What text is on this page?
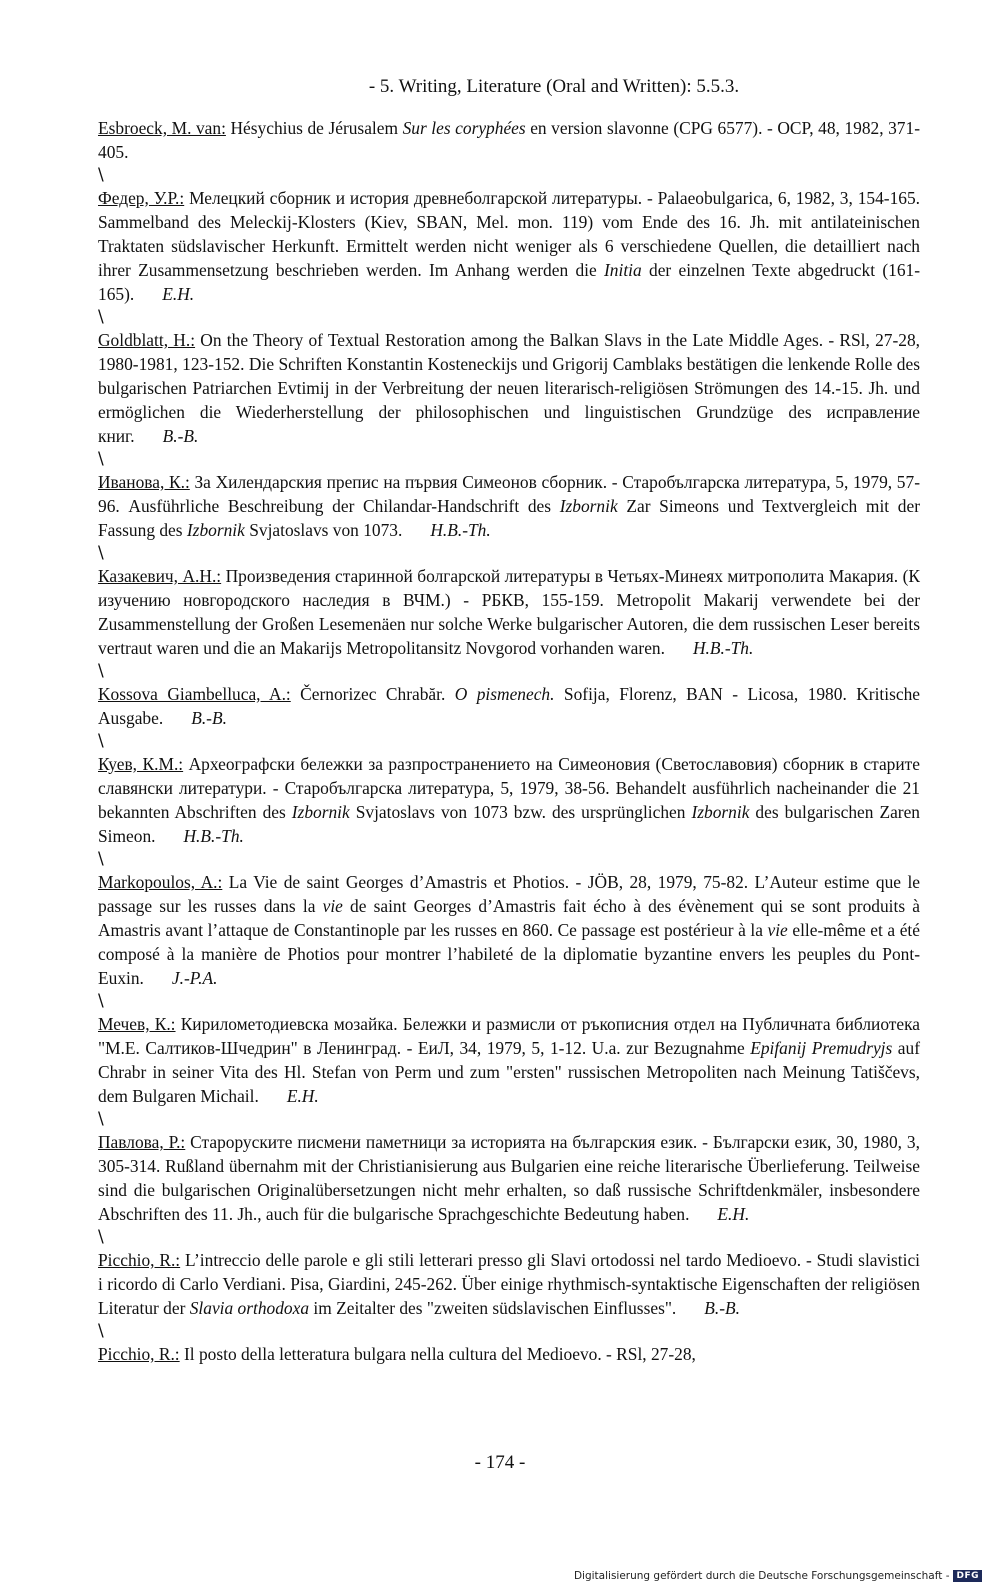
- 5. Writing, Literature (Oral and Written): 5.5.3.
Esbroeck, M. van: Hésychius de Jérusalem Sur les coryphées en version slavonne (CPG 6577). - OCP, 48, 1982, 371-405.
\
Федер, У.Р.: Мелецкий сборник и история древнеболгарской литературы. - Palaeobulgarica, 6, 1982, 3, 154-165. Sammelband des Meleckij-Klosters (Kiev, SBAN, Mel. mon. 119) vom Ende des 16. Jh. mit antilateinischen Traktaten südslavischer Herkunft. Ermittelt werden nicht weniger als 6 verschiedene Quellen, die detailliert nach ihrer Zusammensetzung beschrieben werden. Im Anhang werden die Initia der einzelnen Texte abgedruckt (161-165). E.H.
\
Goldblatt, H.: On the Theory of Textual Restoration among the Balkan Slavs in the Late Middle Ages. - RSl, 27-28, 1980-1981, 123-152. Die Schriften Konstantin Kosteneckijs und Grigorij Camblaks bestätigen die lenkende Rolle des bulgarischen Patriarchen Evtimij in der Verbreitung der neuen literarisch-religiösen Strömungen des 14.-15. Jh. und ermöglichen die Wiederherstellung der philosophischen und linguistischen Grundzüge des исправление книг. B.-B.
\
Иванова, К.: За Хилендарския препис на първия Симеонов сборник. - Старобългарска литература, 5, 1979, 57-96. Ausführliche Beschreibung der Chilandar-Handschrift des Izbornik Zar Simeons und Textvergleich mit der Fassung des Izbornik Svjatoslavs von 1073. H.B.-Th.
\
Казакевич, А.Н.: Произведения старинной болгарской литературы в Четьях-Минеях митрополита Макария. (К изучению новгородского наследия в ВЧМ.) - РБКВ, 155-159. Metropolit Makarij verwendete bei der Zusammenstellung der Großen Lesemenäen nur solche Werke bulgarischer Autoren, die dem russischen Leser bereits vertraut waren und die an Makarijs Metropolitansitz Novgorod vorhanden waren. H.B.-Th.
\
Kossova Giambelluca, A.: Černorizec Chrabăr. O pismenech. Sofija, Florenz, BAN - Licosa, 1980. Kritische Ausgabe. B.-B.
\
Куев, К.М.: Археографски бележки за разпространението на Симеоновия (Светославовия) сборник в старите славянски литератури. - Старобългарска литература, 5, 1979, 38-56. Behandelt ausführlich nacheinander die 21 bekannten Abschriften des Izbornik Svjatoslavs von 1073 bzw. des ursprünglichen Izbornik des bulgarischen Zaren Simeon. H.B.-Th.
\
Markopoulos, A.: La Vie de saint Georges d’Amastris et Photios. - JÖB, 28, 1979, 75-82. L’Auteur estime que le passage sur les russes dans la vie de saint Georges d’Amastris fait écho à des évènement qui se sont produits à Amastris avant l’attaque de Constantinople par les russes en 860. Ce passage est postérieur à la vie elle-même et a été composé à la manière de Photios pour montrer l’habileté de la diplomatie byzantine envers les peuples du Pont-Euxin. J.-P.A.
\
Мечев, К.: Кирилометодиевска мозайка. Бележки и размисли от ръкописния отдел на Публичната библиотека "М.Е. Салтиков-Шчедрин" в Ленинград. - ЕиЛ, 34, 1979, 5, 1-12. U.a. zur Bezugnahme Epifanij Premudryjs auf Chrabr in seiner Vita des Hl. Stefan von Perm und zum "ersten" russischen Metropoliten nach Meinung Tatiščevs, dem Bulgaren Michail. E.H.
\
Павлова, Р.: Староруските писмени паметници за историята на българския език. - Български език, 30, 1980, 3, 305-314. Rußland übernahm mit der Christianisierung aus Bulgarien eine reiche literarische Überlieferung. Teilweise sind die bulgarischen Originalübersetzungen nicht mehr erhalten, so daß russische Schriftdenkmäler, insbesondere Abschriften des 11. Jh., auch für die bulgarische Sprachgeschichte Bedeutung haben. E.H.
\
Picchio, R.: L’intreccio delle parole e gli stili letterari presso gli Slavi ortodossi nel tardo Medioevo. - Studi slavistici i ricordo di Carlo Verdiani. Pisa, Giardini, 245-262. Über einige rhythmisch-syntaktische Eigenschaften der religiösen Literatur der Slavia orthodoxa im Zeitalter des "zweiten südslavischen Einflusses". B.-B.
\
Picchio, R.: Il posto della letteratura bulgara nella cultura del Medioevo. - RSl, 27-28,
- 174 -
Digitalisierung gefördert durch die Deutsche Forschungsgemeinschaft - DFG
